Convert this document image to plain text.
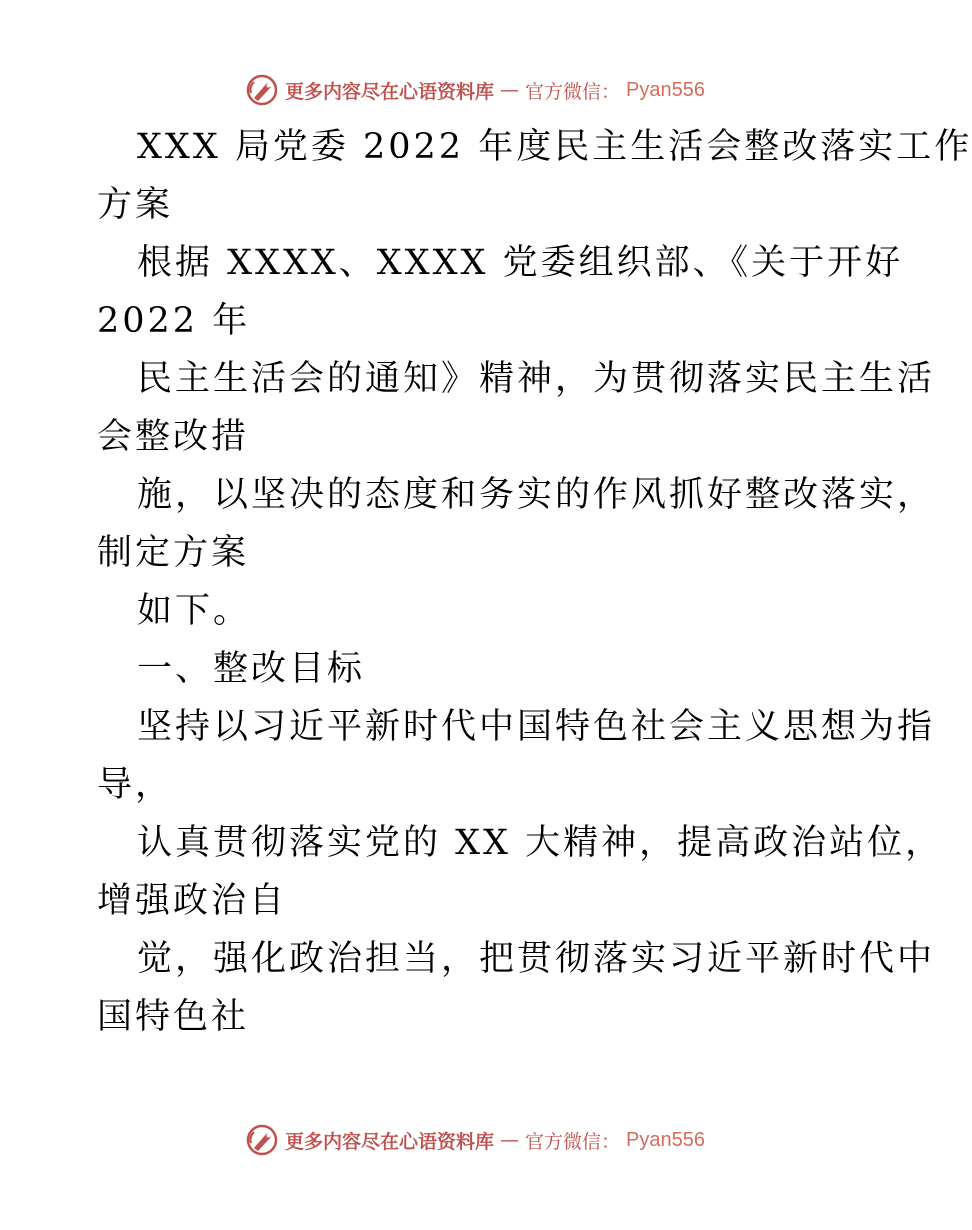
更多内容尽在心语资料库 — 官方微信： Pyan556
XXX 局党委 2022 年度民主生活会整改落实工作
方案
根据 XXXX、XXXX 党委组织部、《关于开好
2022 年
民主生活会的通知》精神，为贯彻落实民主生活
会整改措
施，以坚决的态度和务实的作风抓好整改落实，
制定方案
如下。
一、整改目标
坚持以习近平新时代中国特色社会主义思想为指
导，
认真贯彻落实党的 XX 大精神，提高政治站位，
增强政治自
觉，强化政治担当，把贯彻落实习近平新时代中
国特色社
更多内容尽在心语资料库 — 官方微信： Pyan556
